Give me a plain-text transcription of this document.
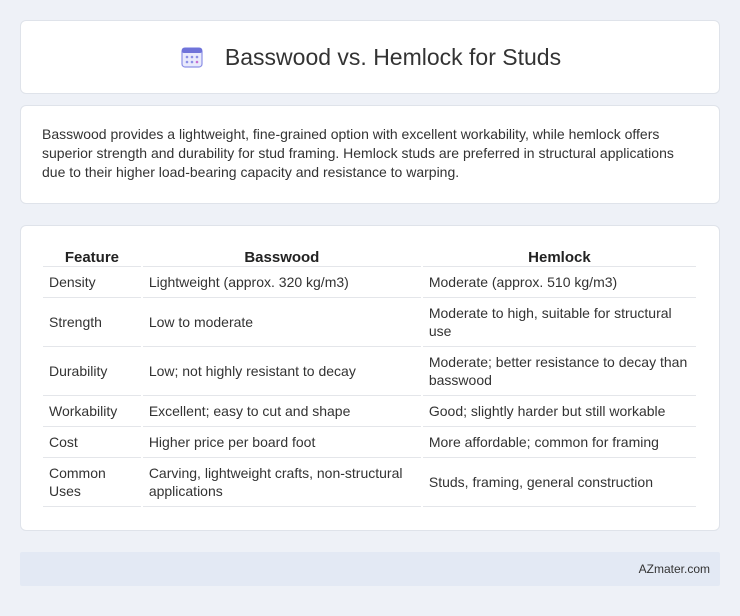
Basswood vs. Hemlock for Studs

Basswood provides a lightweight, fine-grained option with excellent workability, while hemlock offers superior strength and durability for stud framing. Hemlock studs are preferred in structural applications due to their higher load-bearing capacity and resistance to warping.

Feature	Basswood	Hemlock
Density	Lightweight (approx. 320 kg/m3)	Moderate (approx. 510 kg/m3)
Strength	Low to moderate	Moderate to high, suitable for structural use
Durability	Low; not highly resistant to decay	Moderate; better resistance to decay than basswood
Workability	Excellent; easy to cut and shape	Good; slightly harder but still workable
Cost	Higher price per board foot	More affordable; common for framing
Common Uses	Carving, lightweight crafts, non-structural applications	Studs, framing, general construction
AZmater.com
